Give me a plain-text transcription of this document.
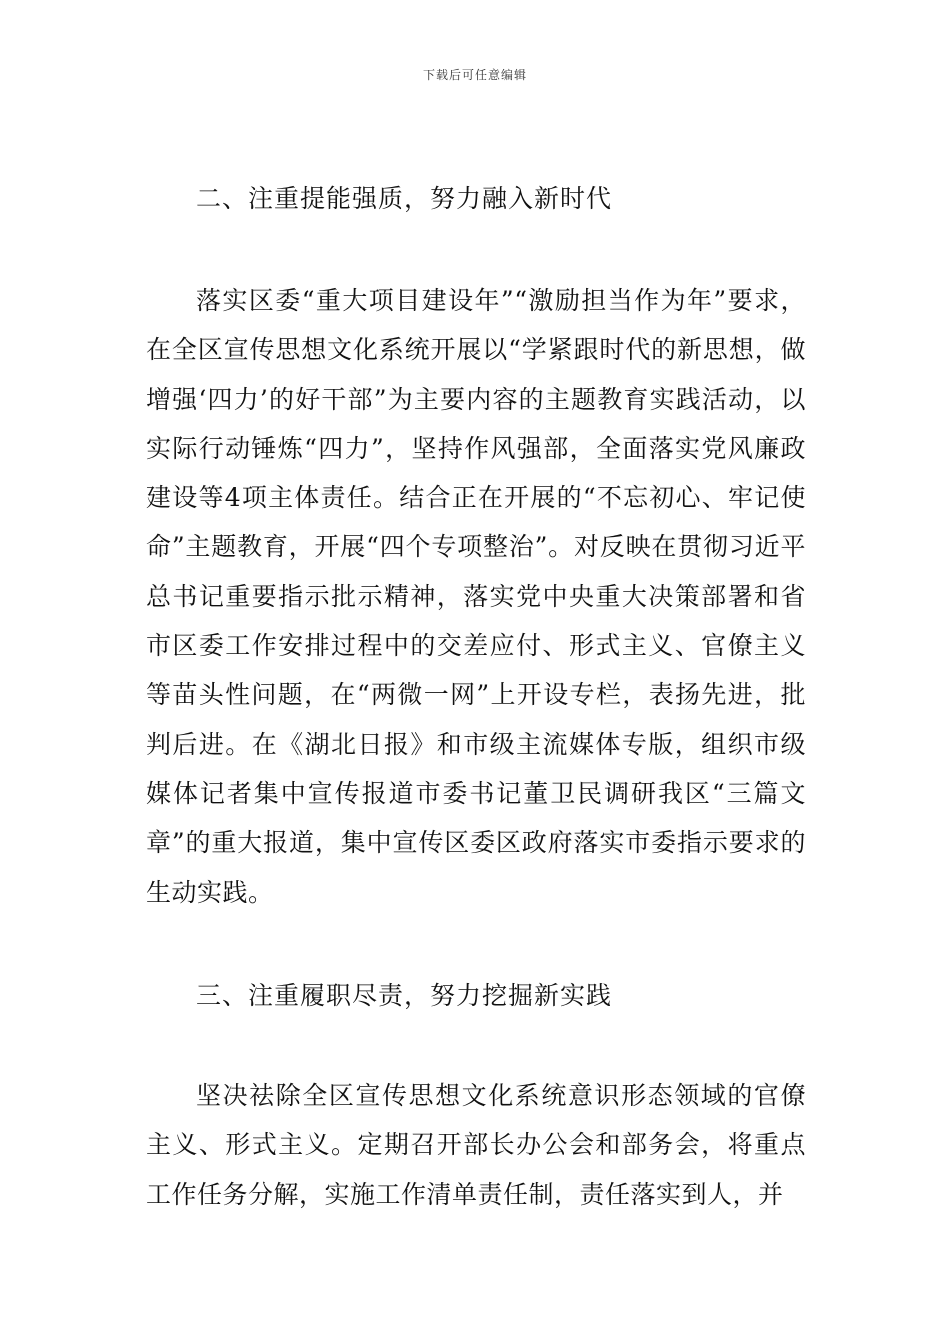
下载后可任意编辑
二、注重提能强质，努力融入新时代

落实区委“重大项目建设年”“激励担当作为年”要求，在全区宣传思想文化系统开展以“学紧跟时代的新思想，做增强‘四力’的好干部”为主要内容的主题教育实践活动，以实际行动锤炼“四力”，坚持作风强部，全面落实党风廉政建设等4项主体责任。结合正在开展的“不忘初心、牢记使命”主题教育，开展“四个专项整治”。对反映在贯彻习近平总书记重要指示批示精神，落实党中央重大决策部署和省市区委工作安排过程中的交差应付、形式主义、官僚主义等苗头性问题，在“两微一网”上开设专栏，表扬先进，批判后进。在《湖北日报》和市级主流媒体专版，组织市级媒体记者集中宣传报道市委书记董卫民调研我区“三篇文章”的重大报道，集中宣传区委区政府落实市委指示要求的生动实践。

三、注重履职尽责，努力挖掘新实践

坚决祛除全区宣传思想文化系统意识形态领域的官僚主义、形式主义。定期召开部长办公会和部务会，将重点工作任务分解，实施工作清单责任制，责任落实到人，并
